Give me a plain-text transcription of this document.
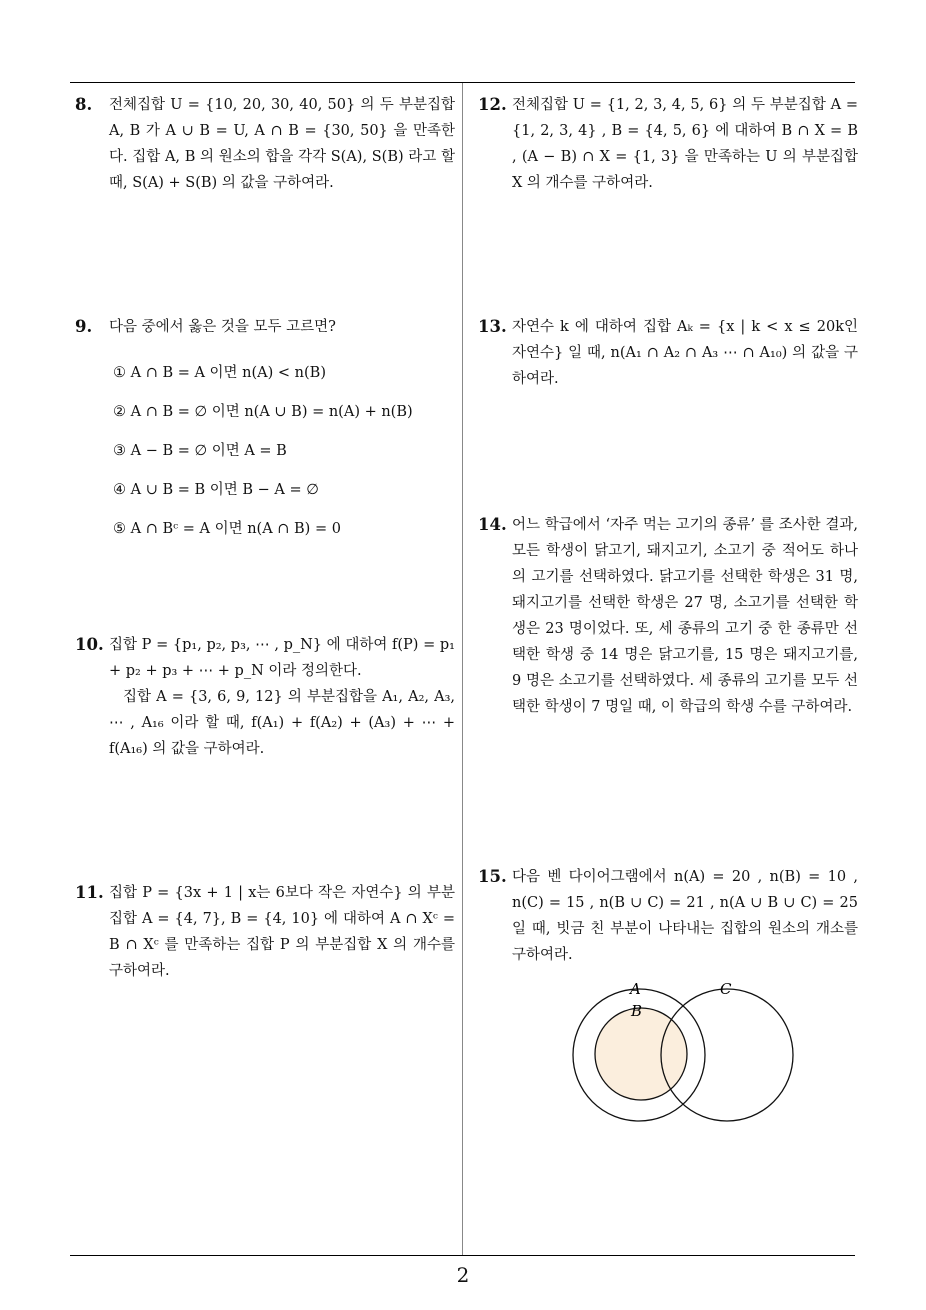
8. 전체집합 U = {10, 20, 30, 40, 50} 의 두 부분집합 A, B 가 A ∪ B = U, A ∩ B = {30, 50} 을 만족한다. 집합 A, B 의 원소의 합을 각각 S(A), S(B) 라고 할 때, S(A) + S(B) 의 값을 구하여라.
9. 다음 중에서 옳은 것을 모두 고르면?
① A ∩ B = A 이면 n(A) < n(B)
② A ∩ B = ∅ 이면 n(A ∪ B) = n(A) + n(B)
③ A − B = ∅ 이면 A = B
④ A ∪ B = B 이면 B − A = ∅
⑤ A ∩ Bᶜ = A 이면 n(A ∩ B) = 0
10. 집합 P = {p₁, p₂, p₃, ⋯ , p_N} 에 대하여 f(P) = p₁ + p₂ + p₃ + ⋯ + p_N 이라 정의한다.
집합 A = {3, 6, 9, 12} 의 부분집합을 A₁, A₂, A₃, ⋯ , A₁₆ 이라 할 때, f(A₁) + f(A₂) + (A₃) + ⋯ + f(A₁₆) 의 값을 구하여라.
11. 집합 P = {3x + 1 | x는 6보다 작은 자연수} 의 부분집합 A = {4, 7}, B = {4, 10} 에 대하여 A ∩ Xᶜ = B ∩ Xᶜ 를 만족하는 집합 P 의 부분집합 X 의 개수를 구하여라.
12. 전체집합 U = {1, 2, 3, 4, 5, 6} 의 두 부분집합 A = {1, 2, 3, 4} , B = {4, 5, 6} 에 대하여 B ∩ X = B , (A − B) ∩ X = {1, 3} 을 만족하는 U 의 부분집합 X 의 개수를 구하여라.
13. 자연수 k 에 대하여 집합 Aₖ = {x | k < x ≤ 20k인 자연수} 일 때, n(A₁ ∩ A₂ ∩ A₃ ⋯ ∩ A₁₀) 의 값을 구하여라.
14. 어느 학급에서 ‘자주 먹는 고기의 종류’ 를 조사한 결과, 모든 학생이 닭고기, 돼지고기, 소고기 중 적어도 하나의 고기를 선택하였다. 닭고기를 선택한 학생은 31 명, 돼지고기를 선택한 학생은 27 명, 소고기를 선택한 학생은 23 명이었다. 또, 세 종류의 고기 중 한 종류만 선택한 학생 중 14 명은 닭고기를, 15 명은 돼지고기를, 9 명은 소고기를 선택하였다. 세 종류의 고기를 모두 선택한 학생이 7 명일 때, 이 학급의 학생 수를 구하여라.
15. 다음 벤 다이어그램에서 n(A) = 20 , n(B) = 10 , n(C) = 15 , n(B ∪ C) = 21 , n(A ∪ B ∪ C) = 25 일 때, 빗금 친 부분이 나타내는 집합의 원소의 개소를 구하여라.
A
B
C
2
